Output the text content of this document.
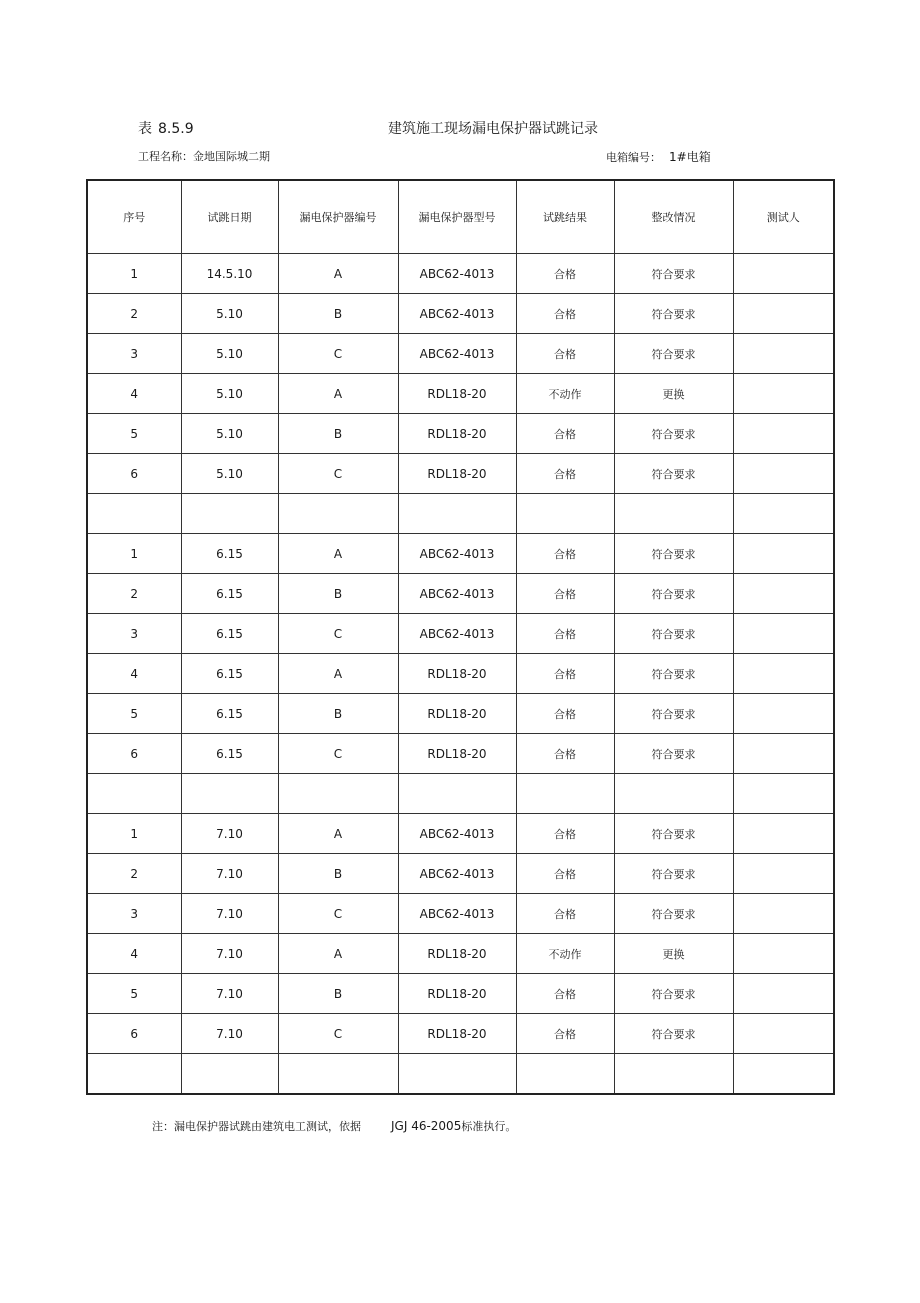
表 8.5.9	建筑施工现场漏电保护器试跳记录
工程名称：金地国际城二期	电箱编号： 1#电箱
序号	试跳日期	漏电保护器编号	漏电保护器型号	试跳结果	整改情况	测试人
1	14.5.10	A	ABC62-4013	合格	符合要求	
2	5.10	B	ABC62-4013	合格	符合要求	
3	5.10	C	ABC62-4013	合格	符合要求	
4	5.10	A	RDL18-20	不动作	更换	
5	5.10	B	RDL18-20	合格	符合要求	
6	5.10	C	RDL18-20	合格	符合要求	

1	6.15	A	ABC62-4013	合格	符合要求	
2	6.15	B	ABC62-4013	合格	符合要求	
3	6.15	C	ABC62-4013	合格	符合要求	
4	6.15	A	RDL18-20	合格	符合要求	
5	6.15	B	RDL18-20	合格	符合要求	
6	6.15	C	RDL18-20	合格	符合要求	

1	7.10	A	ABC62-4013	合格	符合要求	
2	7.10	B	ABC62-4013	合格	符合要求	
3	7.10	C	ABC62-4013	合格	符合要求	
4	7.10	A	RDL18-20	不动作	更换	
5	7.10	B	RDL18-20	合格	符合要求	
6	7.10	C	RDL18-20	合格	符合要求	

注：漏电保护器试跳由建筑电工测试，依据	JGJ 46-2005标准执行。
